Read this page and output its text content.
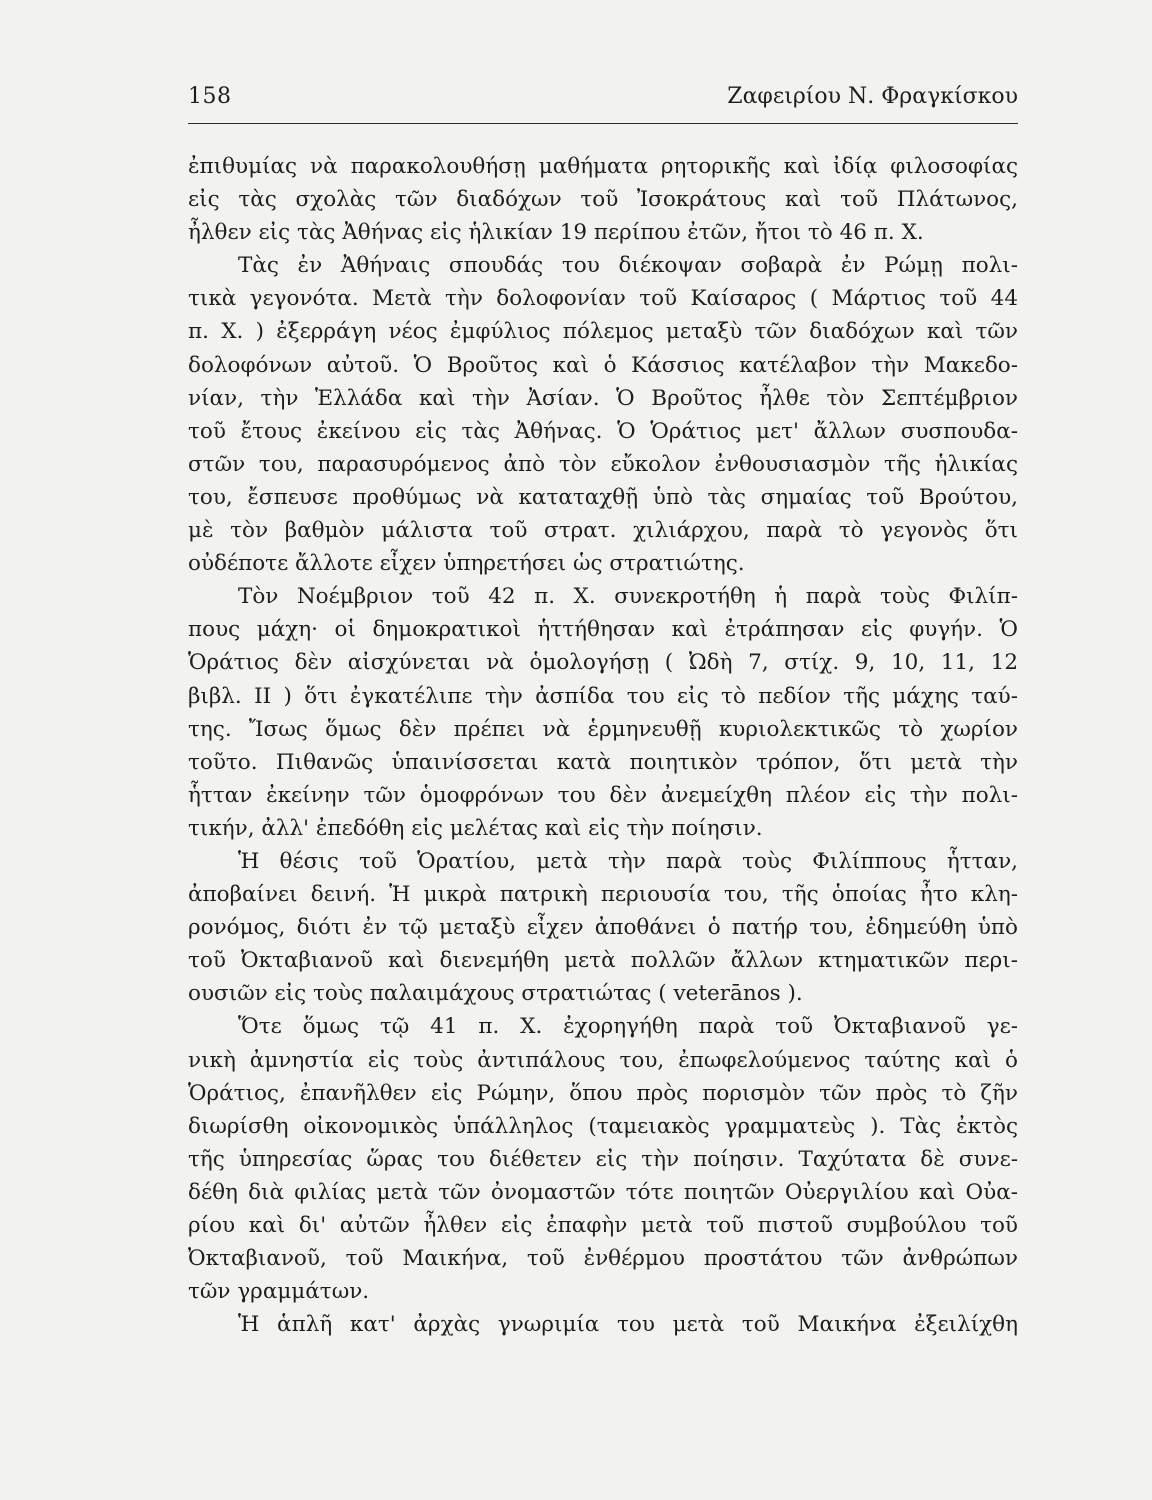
158	Ζαφειρίου Ν. Φραγκίσκου
ἐπιθυμίας νὰ παρακολουθήσῃ μαθήματα ρητορικῆς καὶ ἰδίᾳ φιλοσοφίας
εἰς τὰς σχολὰς τῶν διαδόχων τοῦ Ἰσοκράτους καὶ τοῦ Πλάτωνος,
ἦλθεν εἰς τὰς Ἀθήνας εἰς ἡλικίαν 19 περίπου ἐτῶν, ἤτοι τὸ 46 π. Χ.
Τὰς ἐν Ἀθήναις σπουδάς του διέκοψαν σοβαρὰ ἐν Ρώμῃ πολι-
τικὰ γεγονότα. Μετὰ τὴν δολοφονίαν τοῦ Καίσαρος ( Μάρτιος τοῦ 44
π. Χ. ) ἐξερράγη νέος ἐμφύλιος πόλεμος μεταξὺ τῶν διαδόχων καὶ τῶν
δολοφόνων αὐτοῦ. Ὁ Βροῦτος καὶ ὁ Κάσσιος κατέλαβον τὴν Μακεδο-
νίαν, τὴν Ἑλλάδα καὶ τὴν Ἀσίαν. Ὁ Βροῦτος ἦλθε τὸν Σεπτέμβριον
τοῦ ἔτους ἐκείνου εἰς τὰς Ἀθήνας. Ὁ Ὁράτιος μετ' ἄλλων συσπουδα-
στῶν του, παρασυρόμενος ἀπὸ τὸν εὔκολον ἐνθουσιασμὸν τῆς ἡλικίας
του, ἔσπευσε προθύμως νὰ καταταχθῇ ὑπὸ τὰς σημαίας τοῦ Βρούτου,
μὲ τὸν βαθμὸν μάλιστα τοῦ στρατ. χιλιάρχου, παρὰ τὸ γεγονὸς ὅτι
οὐδέποτε ἄλλοτε εἶχεν ὑπηρετήσει ὡς στρατιώτης.
Τὸν Νοέμβριον τοῦ 42 π. Χ. συνεκροτήθη ἡ παρὰ τοὺς Φιλίπ-
πους μάχη· οἱ δημοκρατικοὶ ἡττήθησαν καὶ ἐτράπησαν εἰς φυγήν. Ὁ
Ὁράτιος δὲν αἰσχύνεται νὰ ὁμολογήσῃ ( Ὠδὴ 7, στίχ. 9, 10, 11, 12
βιβλ. II ) ὅτι ἐγκατέλιπε τὴν ἀσπίδα του εἰς τὸ πεδίον τῆς μάχης ταύ-
της. Ἴσως ὅμως δὲν πρέπει νὰ ἑρμηνευθῇ κυριολεκτικῶς τὸ χωρίον
τοῦτο. Πιθανῶς ὑπαινίσσεται κατὰ ποιητικὸν τρόπον, ὅτι μετὰ τὴν
ἧτταν ἐκείνην τῶν ὁμοφρόνων του δὲν ἀνεμείχθη πλέον εἰς τὴν πολι-
τικήν, ἀλλ' ἐπεδόθη εἰς μελέτας καὶ εἰς τὴν ποίησιν.
Ἡ θέσις τοῦ Ὁρατίου, μετὰ τὴν παρὰ τοὺς Φιλίππους ἧτταν,
ἀποβαίνει δεινή. Ἡ μικρὰ πατρικὴ περιουσία του, τῆς ὁποίας ἦτο κλη-
ρονόμος, διότι ἐν τῷ μεταξὺ εἶχεν ἀποθάνει ὁ πατήρ του, ἐδημεύθη ὑπὸ
τοῦ Ὀκταβιανοῦ καὶ διενεμήθη μετὰ πολλῶν ἄλλων κτηματικῶν περι-
ουσιῶν εἰς τοὺς παλαιμάχους στρατιώτας ( veterānos ).
Ὅτε ὅμως τῷ 41 π. Χ. ἐχορηγήθη παρὰ τοῦ Ὀκταβιανοῦ γε-
νικὴ ἀμνηστία εἰς τοὺς ἀντιπάλους του, ἐπωφελούμενος ταύτης καὶ ὁ
Ὁράτιος, ἐπανῆλθεν εἰς Ρώμην, ὅπου πρὸς πορισμὸν τῶν πρὸς τὸ ζῆν
διωρίσθη οἰκονομικὸς ὑπάλληλος (ταμειακὸς γραμματεὺς ). Τὰς ἐκτὸς
τῆς ὑπηρεσίας ὥρας του διέθετεν εἰς τὴν ποίησιν. Ταχύτατα δὲ συνε-
δέθη διὰ φιλίας μετὰ τῶν ὀνομαστῶν τότε ποιητῶν Οὐεργιλίου καὶ Οὐα-
ρίου καὶ δι' αὐτῶν ἦλθεν εἰς ἐπαφὴν μετὰ τοῦ πιστοῦ συμβούλου τοῦ
Ὀκταβιανοῦ, τοῦ Μαικήνα, τοῦ ἐνθέρμου προστάτου τῶν ἀνθρώπων
τῶν γραμμάτων.
Ἡ ἁπλῆ κατ' ἀρχὰς γνωριμία του μετὰ τοῦ Μαικήνα ἐξειλίχθη
